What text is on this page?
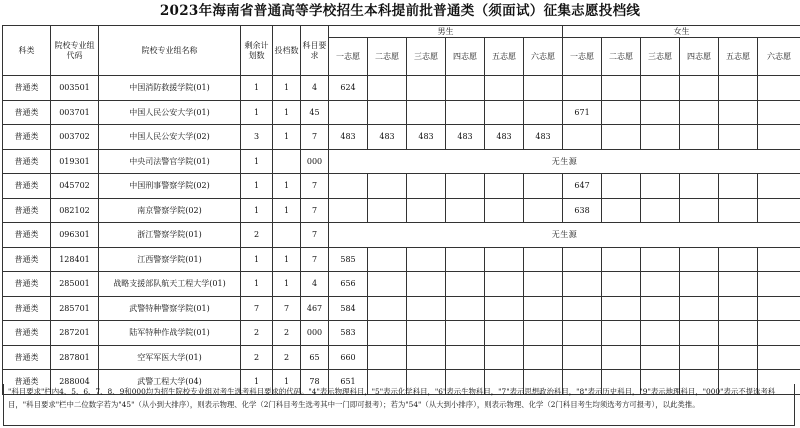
2023年海南省普通高等学校招生本科提前批普通类（须面试）征集志愿投档线
科类	院校专业组代码	院校专业组名称	剩余计划数	投档数	科目要求	男生						女生					
						一志愿	二志愿	三志愿	四志愿	五志愿	六志愿	一志愿	二志愿	三志愿	四志愿	五志愿	六志愿
普通类	003501	中国消防救援学院(01)	1	1	4	624											
普通类	003701	中国人民公安大学(01)	1	1	45							671					
普通类	003702	中国人民公安大学(02)	3	1	7	483	483	483	483	483	483						
普通类	019301	中央司法警官学院(01)	1		000	无生源											
普通类	045702	中国刑事警察学院(02)	1	1	7							647					
普通类	082102	南京警察学院(02)	1	1	7							638					
普通类	096301	浙江警察学院(01)	2		7	无生源											
普通类	128401	江西警察学院(01)	1	1	7	585											
普通类	285001	战略支援部队航天工程大学(01)	1	1	4	656											
普通类	285701	武警特种警察学院(01)	7	7	467	584											
普通类	287201	陆军特种作战学院(01)	2	2	000	583											
普通类	287801	空军军医大学(01)	2	2	65	660											
普通类	288004	武警工程大学(04)	1	1	78	651											
"科目要求"栏内4、5、6、7、8、9和000均为招生院校专业组对考生选考科目要求的代码。"4"表示物理科目，"5"表示化学科目，"6"表示生物科目，"7"表示思想政治科目，"8"表示历史科目，"9"表示地理科目，"000"表示不提选考科目，"科目要求"栏中二位数字若为"45"（从小到大排序），则表示物理、化学（2门科目考生选考其中一门即可报考）；若为"54"（从大到小排序），则表示物理、化学（2门科目考生均须选考方可报考），以此类推。
